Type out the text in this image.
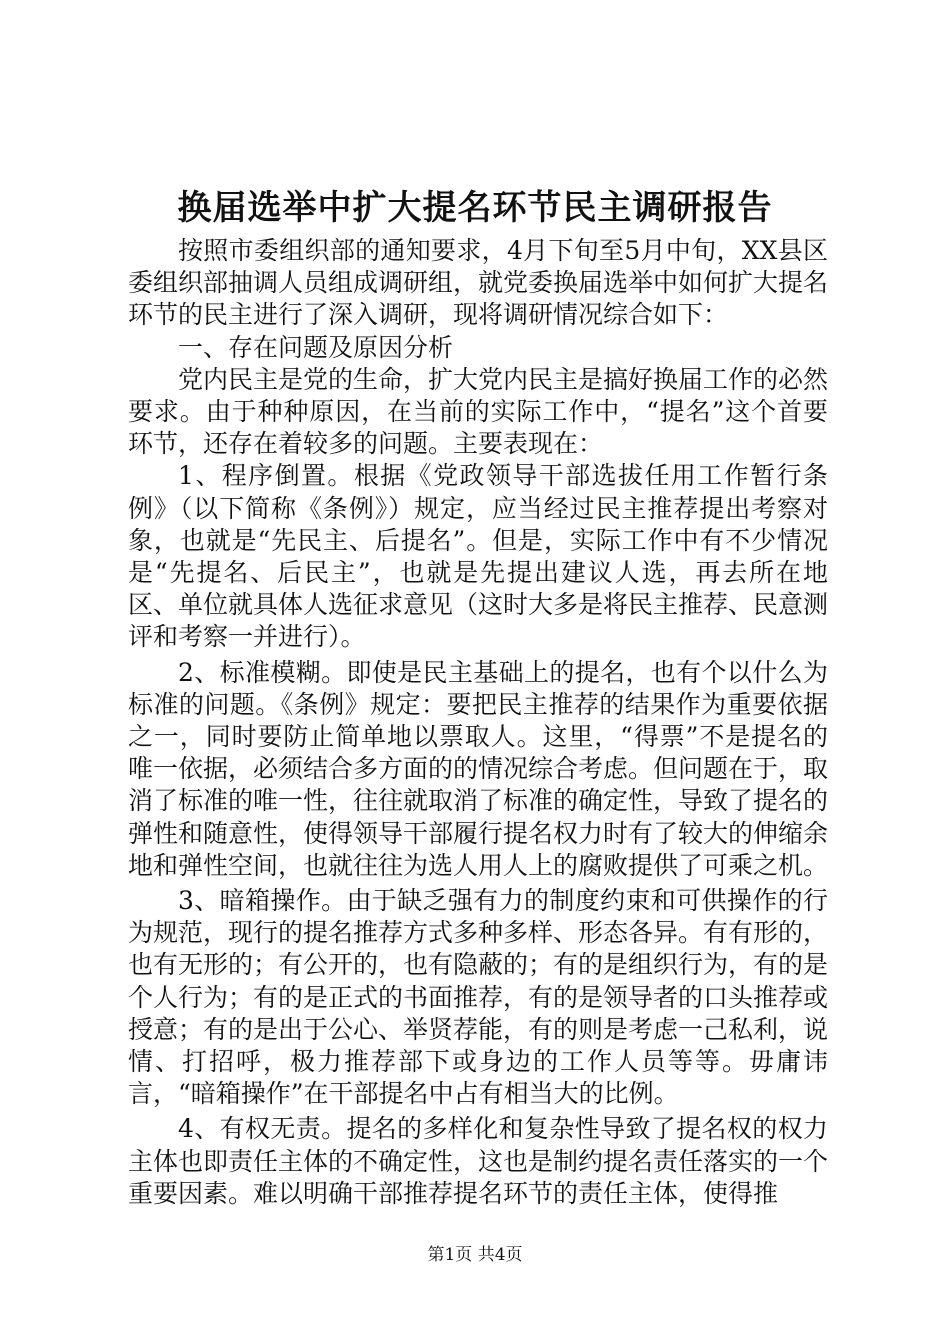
换届选举中扩大提名环节民主调研报告

按照市委组织部的通知要求，4月下旬至5月中旬，XX县区委组织部抽调人员组成调研组，就党委换届选举中如何扩大提名环节的民主进行了深入调研，现将调研情况综合如下：

一、存在问题及原因分析

党内民主是党的生命，扩大党内民主是搞好换届工作的必然要求。由于种种原因，在当前的实际工作中，“提名”这个首要环节，还存在着较多的问题。主要表现在：

1、程序倒置。根据《党政领导干部选拔任用工作暂行条例》（以下简称《条例》）规定，应当经过民主推荐提出考察对象，也就是“先民主、后提名”。但是，实际工作中有不少情况是“先提名、后民主”，也就是先提出建议人选，再去所在地区、单位就具体人选征求意见（这时大多是将民主推荐、民意测评和考察一并进行）。

2、标准模糊。即使是民主基础上的提名，也有个以什么为标准的问题。《条例》规定：要把民主推荐的结果作为重要依据之一，同时要防止简单地以票取人。这里，“得票”不是提名的唯一依据，必须结合多方面的的情况综合考虑。但问题在于，取消了标准的唯一性，往往就取消了标准的确定性，导致了提名的弹性和随意性，使得领导干部履行提名权力时有了较大的伸缩余地和弹性空间，也就往往为选人用人上的腐败提供了可乘之机。

3、暗箱操作。由于缺乏强有力的制度约束和可供操作的行为规范，现行的提名推荐方式多种多样、形态各异。有有形的，也有无形的；有公开的，也有隐蔽的；有的是组织行为，有的是个人行为；有的是正式的书面推荐，有的是领导者的口头推荐或授意；有的是出于公心、举贤荐能，有的则是考虑一己私利，说情、打招呼，极力推荐部下或身边的工作人员等等。毋庸讳言，“暗箱操作”在干部提名中占有相当大的比例。

4、有权无责。提名的多样化和复杂性导致了提名权的权力主体也即责任主体的不确定性，这也是制约提名责任落实的一个重要因素。难以明确干部推荐提名环节的责任主体，使得推

第1页 共4页
